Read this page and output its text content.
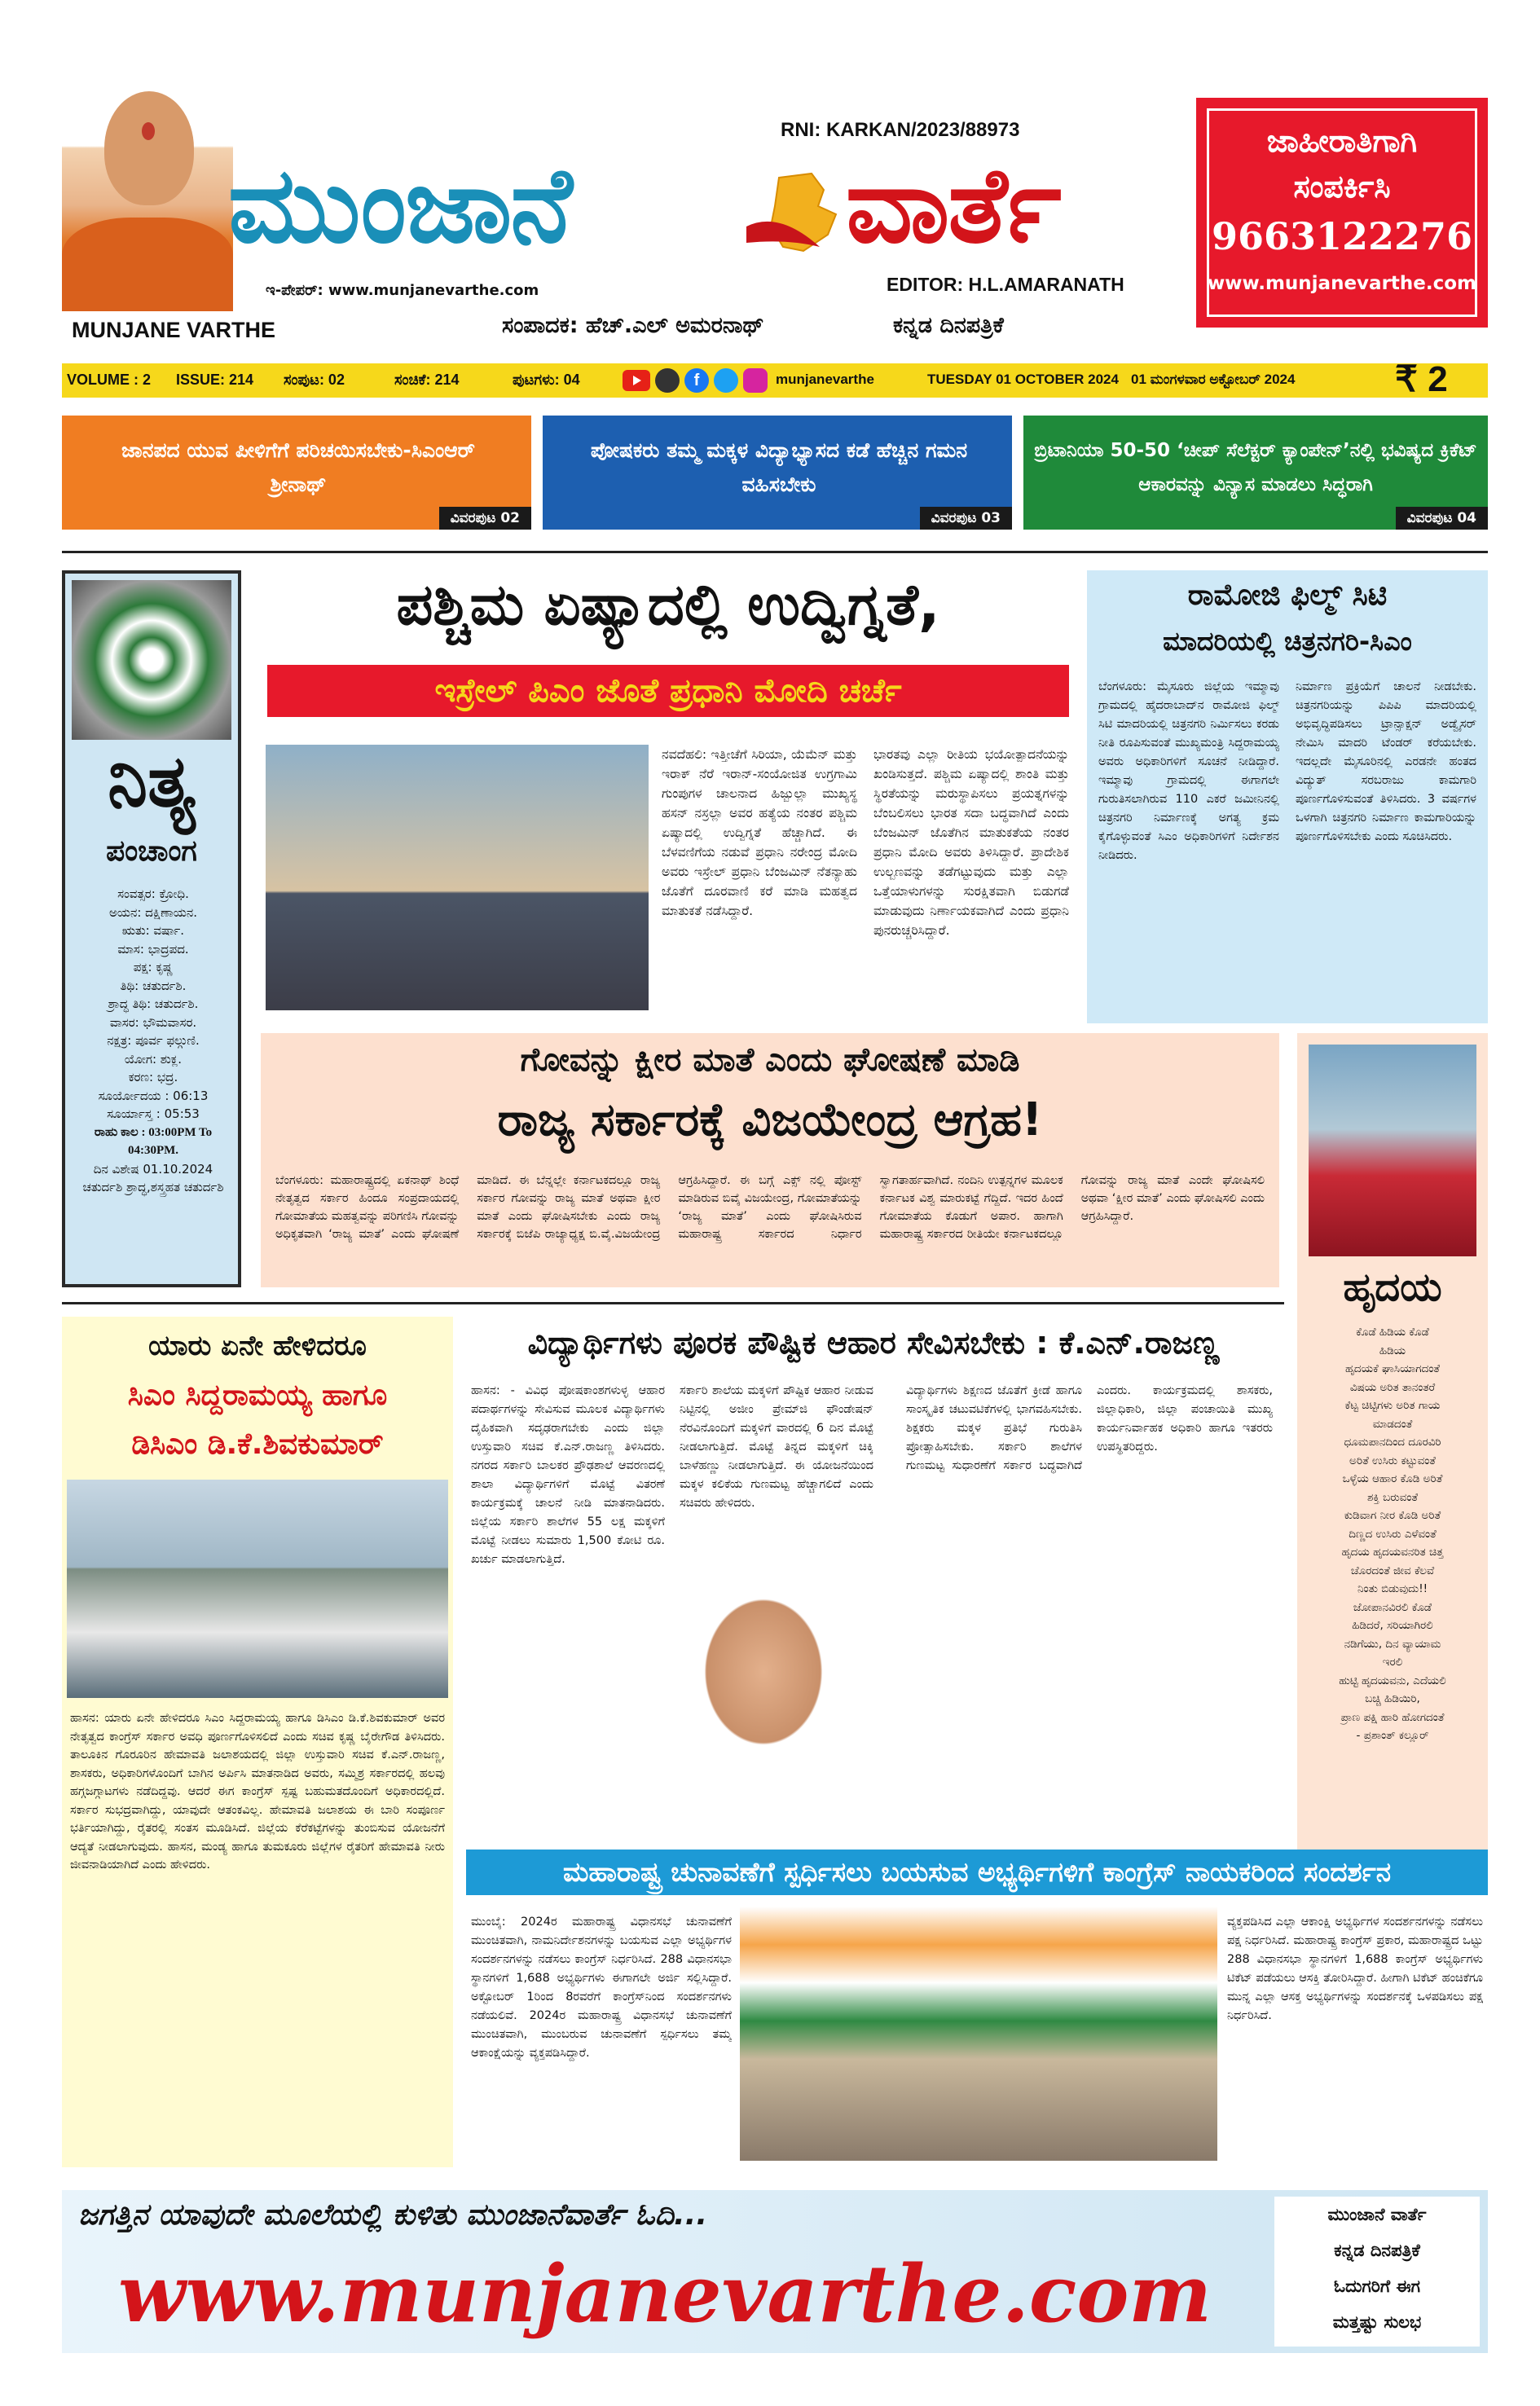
MUNJANE VARTHE
RNI: KARKAN/2023/88973
ಮುಂಜಾನೆ	ವಾರ್ತೆ
ಇ-ಪೇಪರ್: www.munjanevarthe.com	EDITOR: H.L.AMARANATH
ಸಂಪಾದಕ: ಹೆಚ್.ಎಲ್ ಅಮರನಾಥ್	ಕನ್ನಡ ದಿನಪತ್ರಿಕೆ
ಜಾಹೀರಾತಿಗಾಗಿ
ಸಂಪರ್ಕಿಸಿ
9663122276
www.munjanevarthe.com
VOLUME : 2 ISSUE: 214 ಸಂಪುಟ: 02	ಸಂಚಿಕೆ: 214	ಪುಟಗಳು: 04	f	munjanevarthe	TUESDAY 01 OCTOBER 2024 01 ಮಂಗಳವಾರ ಅಕ್ಟೋಬರ್ 2024	₹ 2
ಜಾನಪದ ಯುವ ಪೀಳಿಗೆಗೆ ಪರಿಚಯಿಸಬೇಕು-ಸಿಎಂಆರ್ ಶ್ರೀನಾಥ್
ವಿವರಪುಟ 02
ಪೋಷಕರು ತಮ್ಮ ಮಕ್ಕಳ ವಿದ್ಯಾಭ್ಯಾಸದ ಕಡೆ ಹೆಚ್ಚಿನ ಗಮನ ವಹಿಸಬೇಕು
ವಿವರಪುಟ 03
ಬ್ರಿಟಾನಿಯಾ 50-50 ‘ಚೀಪ್ ಸೆಲೆಕ್ಟರ್ ಕ್ಯಾಂಪೇನ್’ನಲ್ಲಿ ಭವಿಷ್ಯದ ಕ್ರಿಕೆಟ್ ಆಕಾರವನ್ನು ವಿನ್ಯಾಸ ಮಾಡಲು ಸಿದ್ಧರಾಗಿ
ವಿವರಪುಟ 04
ನಿತ್ಯ
ಪಂಚಾಂಗ
ಸಂವತ್ಸರ: ಕ್ರೋಧಿ.
ಅಯನ: ದಕ್ಷಿಣಾಯನ.
ಋತು: ವರ್ಷಾ.
ಮಾಸ: ಭಾದ್ರಪದ.
ಪಕ್ಷ: ಕೃಷ್ಣ
ತಿಥಿ: ಚತುರ್ದಶಿ.
ಶ್ರಾದ್ಧ ತಿಥಿ: ಚತುರ್ದಶಿ.
ವಾಸರ: ಭೌಮವಾಸರ.
ನಕ್ಷತ್ರ: ಪೂರ್ವ ಫಲ್ಗುಣಿ.
ಯೋಗ: ಶುಕ್ಲ.
ಕರಣ: ಭದ್ರ.
ಸೂರ್ಯೋದಯ : 06:13
ಸೂರ್ಯಾಸ್ತ : 05:53
ರಾಹು ಕಾಲ : 03:00PM To 04:30PM.
ದಿನ ವಿಶೇಷ 01.10.2024
ಚತುರ್ದಶಿ ಶ್ರಾದ್ಧ,ಶಸ್ತ್ರಹತ ಚತುರ್ದಶಿ
ಪಶ್ಚಿಮ ಏಷ್ಯಾದಲ್ಲಿ ಉದ್ವಿಗ್ನತೆ,
ಇಸ್ರೇಲ್ ಪಿಎಂ ಜೊತೆ ಪ್ರಧಾನಿ ಮೋದಿ ಚರ್ಚೆ
ನವದೆಹಲಿ: ಇತ್ತೀಚೆಗೆ ಸಿರಿಯಾ, ಯೆಮೆನ್ ಮತ್ತು ಇರಾಕ್ ನೆರೆ ಇರಾನ್-ಸಂಯೋಜಿತ ಉಗ್ರಗಾಮಿ ಗುಂಪುಗಳ ಚಾಲನಾದ ಹಿಜ್ಬುಲ್ಲಾ ಮುಖ್ಯಸ್ಥ ಹಸನ್ ನಸ್ರಲ್ಲಾ ಅವರ ಹತ್ಯೆಯ ನಂತರ ಪಶ್ಚಿಮ ಏಷ್ಯಾದಲ್ಲಿ ಉದ್ವಿಗ್ನತೆ ಹೆಚ್ಚಾಗಿದೆ. ಈ ಬೆಳವಣಿಗೆಯ ನಡುವೆ ಪ್ರಧಾನಿ ನರೇಂದ್ರ ಮೋದಿ ಅವರು ಇಸ್ರೇಲ್ ಪ್ರಧಾನಿ ಬೆಂಜಮಿನ್ ನೆತನ್ಯಾಹು ಜೊತೆಗೆ ದೂರವಾಣಿ ಕರೆ ಮಾಡಿ ಮಹತ್ವದ ಮಾತುಕತೆ ನಡೆಸಿದ್ದಾರೆ.
ಭಾರತವು ಎಲ್ಲಾ ರೀತಿಯ ಭಯೋತ್ಪಾದನೆಯನ್ನು ಖಂಡಿಸುತ್ತದೆ. ಪಶ್ಚಿಮ ಏಷ್ಯಾದಲ್ಲಿ ಶಾಂತಿ ಮತ್ತು ಸ್ಥಿರತೆಯನ್ನು ಮರುಸ್ಥಾಪಿಸಲು ಪ್ರಯತ್ನಗಳನ್ನು ಬೆಂಬಲಿಸಲು ಭಾರತ ಸದಾ ಬದ್ಧವಾಗಿದೆ ಎಂದು ಬೆಂಜಮಿನ್ ಜೊತೆಗಿನ ಮಾತುಕತೆಯ ನಂತರ ಪ್ರಧಾನಿ ಮೋದಿ ಅವರು ತಿಳಿಸಿದ್ದಾರೆ. ಪ್ರಾದೇಶಿಕ ಉಲ್ಬಣವನ್ನು ತಡೆಗಟ್ಟುವುದು ಮತ್ತು ಎಲ್ಲಾ ಒತ್ತೆಯಾಳುಗಳನ್ನು ಸುರಕ್ಷಿತವಾಗಿ ಬಿಡುಗಡೆ ಮಾಡುವುದು ನಿರ್ಣಾಯಕವಾಗಿದೆ ಎಂದು ಪ್ರಧಾನಿ ಪುನರುಚ್ಚರಿಸಿದ್ದಾರೆ.
ರಾಮೋಜಿ ಫಿಲ್ಮ್ ಸಿಟಿ
ಮಾದರಿಯಲ್ಲಿ ಚಿತ್ರನಗರಿ-ಸಿಎಂ
ಬೆಂಗಳೂರು: ಮೈಸೂರು ಜಿಲ್ಲೆಯ ಇಮ್ಮಾವು ಗ್ರಾಮದಲ್ಲಿ ಹೈದರಾಬಾದ್‌ನ ರಾಮೋಜಿ ಫಿಲ್ಮ್ ಸಿಟಿ ಮಾದರಿಯಲ್ಲಿ ಚಿತ್ರನಗರಿ ನಿರ್ಮಿಸಲು ಕರಡು ನೀತಿ ರೂಪಿಸುವಂತೆ ಮುಖ್ಯಮಂತ್ರಿ ಸಿದ್ದರಾಮಯ್ಯ ಅವರು ಅಧಿಕಾರಿಗಳಿಗೆ ಸೂಚನೆ ನೀಡಿದ್ದಾರೆ. ಇಮ್ಮಾವು ಗ್ರಾಮದಲ್ಲಿ ಈಗಾಗಲೇ ಗುರುತಿಸಲಾಗಿರುವ 110 ಎಕರೆ ಜಮೀನಿನಲ್ಲಿ ಚಿತ್ರನಗರಿ ನಿರ್ಮಾಣಕ್ಕೆ ಅಗತ್ಯ ಕ್ರಮ ಕೈಗೊಳ್ಳುವಂತೆ ಸಿಎಂ ಅಧಿಕಾರಿಗಳಿಗೆ ನಿರ್ದೇಶನ ನೀಡಿದರು.
ನಿರ್ಮಾಣ ಪ್ರಕ್ರಿಯೆಗೆ ಚಾಲನೆ ನೀಡಬೇಕು. ಚಿತ್ರನಗರಿಯನ್ನು ಪಿಪಿಪಿ ಮಾದರಿಯಲ್ಲಿ ಅಭಿವೃದ್ಧಿಪಡಿಸಲು ಟ್ರಾನ್ಸಾಕ್ಷನ್ ಅಡ್ವೈಸರ್ ನೇಮಿಸಿ ಮಾದರಿ ಟೆಂಡರ್ ಕರೆಯಬೇಕು. ಇದಲ್ಲದೇ ಮೈಸೂರಿನಲ್ಲಿ ಎರಡನೇ ಹಂತದ ವಿದ್ಯುತ್ ಸರಬರಾಜು ಕಾಮಗಾರಿ ಪೂರ್ಣಗೊಳಿಸುವಂತೆ ತಿಳಿಸಿದರು. 3 ವರ್ಷಗಳ ಒಳಗಾಗಿ ಚಿತ್ರನಗರಿ ನಿರ್ಮಾಣ ಕಾಮಗಾರಿಯನ್ನು ಪೂರ್ಣಗೊಳಿಸಬೇಕು ಎಂದು ಸೂಚಿಸಿದರು.
ಗೋವನ್ನು ಕ್ಷೀರ ಮಾತೆ ಎಂದು ಘೋಷಣೆ ಮಾಡಿ
ರಾಜ್ಯ ಸರ್ಕಾರಕ್ಕೆ ವಿಜಯೇಂದ್ರ ಆಗ್ರಹ!
ಬೆಂಗಳೂರು: ಮಹಾರಾಷ್ಟ್ರದಲ್ಲಿ ಏಕನಾಥ್ ಶಿಂಧೆ ನೇತೃತ್ವದ ಸರ್ಕಾರ ಹಿಂದೂ ಸಂಪ್ರದಾಯದಲ್ಲಿ ಗೋಮಾತೆಯ ಮಹತ್ವವನ್ನು ಪರಿಗಣಿಸಿ ಗೋವನ್ನು ಅಧಿಕೃತವಾಗಿ ‘ರಾಜ್ಯ ಮಾತೆ’ ಎಂದು ಘೋಷಣೆ ಮಾಡಿದೆ. ಈ ಬೆನ್ನಲ್ಲೇ ಕರ್ನಾಟಕದಲ್ಲೂ ರಾಜ್ಯ ಸರ್ಕಾರ ಗೋವನ್ನು ರಾಜ್ಯ ಮಾತೆ ಅಥವಾ ಕ್ಷೀರ ಮಾತೆ ಎಂದು ಘೋಷಿಸಬೇಕು ಎಂದು ರಾಜ್ಯ ಸರ್ಕಾರಕ್ಕೆ ಬಿಜೆಪಿ ರಾಜ್ಯಾಧ್ಯಕ್ಷ ಬಿ.ವೈ.ವಿಜಯೇಂದ್ರ ಆಗ್ರಹಿಸಿದ್ದಾರೆ. ಈ ಬಗ್ಗೆ ಎಕ್ಸ್ ನಲ್ಲಿ ಪೋಸ್ಟ್ ಮಾಡಿರುವ ಬಿವೈ ವಿಜಯೇಂದ್ರ, ಗೋಮಾತೆಯನ್ನು ‘ರಾಜ್ಯ ಮಾತೆ’ ಎಂದು ಘೋಷಿಸಿರುವ ಮಹಾರಾಷ್ಟ್ರ ಸರ್ಕಾರದ ನಿರ್ಧಾರ ಸ್ವಾಗತಾರ್ಹವಾಗಿದೆ. ನಂದಿನಿ ಉತ್ಪನ್ನಗಳ ಮೂಲಕ ಕರ್ನಾಟಕ ವಿಶ್ವ ಮಾರುಕಟ್ಟೆ ಗೆದ್ದಿದೆ. ಇದರ ಹಿಂದೆ ಗೋಮಾತೆಯ ಕೊಡುಗೆ ಅಪಾರ. ಹಾಗಾಗಿ ಮಹಾರಾಷ್ಟ್ರ ಸರ್ಕಾರದ ರೀತಿಯೇ ಕರ್ನಾಟಕದಲ್ಲೂ ಗೋವನ್ನು ರಾಜ್ಯ ಮಾತೆ ಎಂದೇ ಘೋಷಿಸಲಿ ಅಥವಾ ‘ಕ್ಷೀರ ಮಾತೆ’ ಎಂದು ಘೋಷಿಸಲಿ ಎಂದು ಆಗ್ರಹಿಸಿದ್ದಾರೆ.
ಹೃದಯ
ಕೊಡೆ ಹಿಡಿಯ ಕೊಡೆ
ಹಿಡಿಯ
ಹೃದಯಕೆ ಘಾಸಿಯಾಗದಂತೆ
ವಿಷಯ ಅರಿತ ತಾನಂತರೆ
ಕೆಟ್ಟ ಚಿಟ್ಟಿಗಳು ಅರಿತ ಗಾಯ
ಮಾಡದಂತೆ
ಧೂಮಪಾನದಿಂದ ದೂರವಿರಿ
ಅರಿತೆ ಉಸಿರು ಕಟ್ಟುವಂತೆ
ಒಳ್ಳೆಯ ಆಹಾರ ಕೊಡಿ ಅರಿತೆ
ಶಕ್ತಿ ಬರುವಂತೆ
ಕುಡಿವಾಗ ನೀರ ಕೊಡಿ ಅರಿತೆ
ದಿಣ್ಣದ ಉಸಿರು ಎಳೆವಂತೆ
ಹೃದಯ ಹೃದಯವನರಿತ ಚಿತ್ತ
ಚೊರದಂತೆ ಜೀವ ಕೆಲವೆ
ನಿಂತು ಬಿಡುವುದು!!
ಜೋಪಾನವಿರಲಿ ಕೊಡೆ
ಹಿಡಿದರೆ, ಸರಿಯಾಗಿರಲಿ
ನಡಿಗೆಯು, ದಿನ ವ್ಯಾಯಾಮ
ಇರಲಿ
ಹುಟ್ಟಿ ಹೃದಯವನು, ಎದೆಯಲಿ
ಬಚ್ಚಿ ಹಿಡಿಯಿರಿ,
ಪ್ರಾಣ ಪಕ್ಷಿ ಹಾರಿ ಹೋಗದಂತೆ
- ಪ್ರಶಾಂತ್ ಕಲ್ಲೂರ್
ಯಾರು ಏನೇ ಹೇಳಿದರೂ
ಸಿಎಂ ಸಿದ್ದರಾಮಯ್ಯ ಹಾಗೂ
ಡಿಸಿಎಂ ಡಿ.ಕೆ.ಶಿವಕುಮಾರ್
ಹಾಸನ: ಯಾರು ಏನೇ ಹೇಳಿದರೂ ಸಿಎಂ ಸಿದ್ದರಾಮಯ್ಯ ಹಾಗೂ ಡಿಸಿಎಂ ಡಿ.ಕೆ.ಶಿವಕುಮಾರ್ ಅವರ ನೇತೃತ್ವದ ಕಾಂಗ್ರೆಸ್ ಸರ್ಕಾರ ಅವಧಿ ಪೂರ್ಣಗೊಳಿಸಲಿದೆ ಎಂದು ಸಚಿವ ಕೃಷ್ಣ ಬೈರೇಗೌಡ ತಿಳಿಸಿದರು. ತಾಲೂಕಿನ ಗೊರೂರಿನ ಹೇಮಾವತಿ ಜಲಾಶಯದಲ್ಲಿ ಜಿಲ್ಲಾ ಉಸ್ತುವಾರಿ ಸಚಿವ ಕೆ.ಎನ್.ರಾಜಣ್ಣ, ಶಾಸಕರು, ಅಧಿಕಾರಿಗಳೊಂದಿಗೆ ಬಾಗಿನ ಅರ್ಪಿಸಿ ಮಾತನಾಡಿದ ಅವರು, ಸಮ್ಮಿಶ್ರ ಸರ್ಕಾರದಲ್ಲಿ ಹಲವು ಹಗ್ಗಜಗ್ಗಾಟಗಳು ನಡೆದಿದ್ದವು. ಆದರೆ ಈಗ ಕಾಂಗ್ರೆಸ್ ಸ್ಪಷ್ಟ ಬಹುಮತದೊಂದಿಗೆ ಅಧಿಕಾರದಲ್ಲಿದೆ. ಸರ್ಕಾರ ಸುಭದ್ರವಾಗಿದ್ದು, ಯಾವುದೇ ಆತಂಕವಿಲ್ಲ. ಹೇಮಾವತಿ ಜಲಾಶಯ ಈ ಬಾರಿ ಸಂಪೂರ್ಣ ಭರ್ತಿಯಾಗಿದ್ದು, ರೈತರಲ್ಲಿ ಸಂತಸ ಮೂಡಿಸಿದೆ. ಜಿಲ್ಲೆಯ ಕೆರೆಕಟ್ಟೆಗಳನ್ನು ತುಂಬಿಸುವ ಯೋಜನೆಗೆ ಆದ್ಯತೆ ನೀಡಲಾಗುವುದು. ಹಾಸನ, ಮಂಡ್ಯ ಹಾಗೂ ತುಮಕೂರು ಜಿಲ್ಲೆಗಳ ರೈತರಿಗೆ ಹೇಮಾವತಿ ನೀರು ಜೀವನಾಡಿಯಾಗಿದೆ ಎಂದು ಹೇಳಿದರು.
ವಿದ್ಯಾರ್ಥಿಗಳು ಪೂರಕ ಪೌಷ್ಟಿಕ ಆಹಾರ ಸೇವಿಸಬೇಕು : ಕೆ.ಎನ್.ರಾಜಣ್ಣ
ಹಾಸನ: - ವಿವಿಧ ಪೋಷಕಾಂಶಗಳುಳ್ಳ ಆಹಾರ ಪದಾರ್ಥಗಳನ್ನು ಸೇವಿಸುವ ಮೂಲಕ ವಿದ್ಯಾರ್ಥಿಗಳು ದೈಹಿಕವಾಗಿ ಸದೃಢರಾಗಬೇಕು ಎಂದು ಜಿಲ್ಲಾ ಉಸ್ತುವಾರಿ ಸಚಿವ ಕೆ.ಎನ್.ರಾಜಣ್ಣ ತಿಳಿಸಿದರು. ನಗರದ ಸರ್ಕಾರಿ ಬಾಲಕರ ಪ್ರೌಢಶಾಲೆ ಆವರಣದಲ್ಲಿ ಶಾಲಾ ವಿದ್ಯಾರ್ಥಿಗಳಿಗೆ ಮೊಟ್ಟೆ ವಿತರಣೆ ಕಾರ್ಯಕ್ರಮಕ್ಕೆ ಚಾಲನೆ ನೀಡಿ ಮಾತನಾಡಿದರು. ಜಿಲ್ಲೆಯ ಸರ್ಕಾರಿ ಶಾಲೆಗಳ 55 ಲಕ್ಷ ಮಕ್ಕಳಿಗೆ ಮೊಟ್ಟೆ ನೀಡಲು ಸುಮಾರು 1,500 ಕೋಟಿ ರೂ. ಖರ್ಚು ಮಾಡಲಾಗುತ್ತಿದೆ.
ಸರ್ಕಾರಿ ಶಾಲೆಯ ಮಕ್ಕಳಿಗೆ ಪೌಷ್ಟಿಕ ಆಹಾರ ನೀಡುವ ನಿಟ್ಟಿನಲ್ಲಿ ಅಜೀಂ ಪ್ರೇಮ್‌ಜಿ ಫೌಂಡೇಷನ್ ನೆರವಿನೊಂದಿಗೆ ಮಕ್ಕಳಿಗೆ ವಾರದಲ್ಲಿ 6 ದಿನ ಮೊಟ್ಟೆ ನೀಡಲಾಗುತ್ತಿದೆ. ಮೊಟ್ಟೆ ತಿನ್ನದ ಮಕ್ಕಳಿಗೆ ಚಿಕ್ಕಿ ಬಾಳೆಹಣ್ಣು ನೀಡಲಾಗುತ್ತಿದೆ. ಈ ಯೋಜನೆಯಿಂದ ಮಕ್ಕಳ ಕಲಿಕೆಯ ಗುಣಮಟ್ಟ ಹೆಚ್ಚಾಗಲಿದೆ ಎಂದು ಸಚಿವರು ಹೇಳಿದರು.
ವಿದ್ಯಾರ್ಥಿಗಳು ಶಿಕ್ಷಣದ ಜೊತೆಗೆ ಕ್ರೀಡೆ ಹಾಗೂ ಸಾಂಸ್ಕೃತಿಕ ಚಟುವಟಿಕೆಗಳಲ್ಲಿ ಭಾಗವಹಿಸಬೇಕು. ಶಿಕ್ಷಕರು ಮಕ್ಕಳ ಪ್ರತಿಭೆ ಗುರುತಿಸಿ ಪ್ರೋತ್ಸಾಹಿಸಬೇಕು. ಸರ್ಕಾರಿ ಶಾಲೆಗಳ ಗುಣಮಟ್ಟ ಸುಧಾರಣೆಗೆ ಸರ್ಕಾರ ಬದ್ಧವಾಗಿದೆ ಎಂದರು. ಕಾರ್ಯಕ್ರಮದಲ್ಲಿ ಶಾಸಕರು, ಜಿಲ್ಲಾಧಿಕಾರಿ, ಜಿಲ್ಲಾ ಪಂಚಾಯಿತಿ ಮುಖ್ಯ ಕಾರ್ಯನಿರ್ವಾಹಕ ಅಧಿಕಾರಿ ಹಾಗೂ ಇತರರು ಉಪಸ್ಥಿತರಿದ್ದರು.
ಮಹಾರಾಷ್ಟ್ರ ಚುನಾವಣೆಗೆ ಸ್ಪರ್ಧಿಸಲು ಬಯಸುವ ಅಭ್ಯರ್ಥಿಗಳಿಗೆ ಕಾಂಗ್ರೆಸ್ ನಾಯಕರಿಂದ ಸಂದರ್ಶನ
ಮುಂಬೈ: 2024ರ ಮಹಾರಾಷ್ಟ್ರ ವಿಧಾನಸಭೆ ಚುನಾವಣೆಗೆ ಮುಂಚಿತವಾಗಿ, ನಾಮನಿರ್ದೇಶನಗಳನ್ನು ಬಯಸುವ ಎಲ್ಲಾ ಅಭ್ಯರ್ಥಿಗಳ ಸಂದರ್ಶನಗಳನ್ನು ನಡೆಸಲು ಕಾಂಗ್ರೆಸ್ ನಿರ್ಧರಿಸಿದೆ. 288 ವಿಧಾನಸಭಾ ಸ್ಥಾನಗಳಿಗೆ 1,688 ಅಭ್ಯರ್ಥಿಗಳು ಈಗಾಗಲೇ ಅರ್ಜಿ ಸಲ್ಲಿಸಿದ್ದಾರೆ. ಅಕ್ಟೋಬರ್ 1ರಿಂದ 8ರವರೆಗೆ ಕಾಂಗ್ರೆಸ್‌ನಿಂದ ಸಂದರ್ಶನಗಳು ನಡೆಯಲಿವೆ. 2024ರ ಮಹಾರಾಷ್ಟ್ರ ವಿಧಾನಸಭೆ ಚುನಾವಣೆಗೆ ಮುಂಚಿತವಾಗಿ, ಮುಂಬರುವ ಚುನಾವಣೆಗೆ ಸ್ಪರ್ಧಿಸಲು ತಮ್ಮ ಆಕಾಂಕ್ಷೆಯನ್ನು ವ್ಯಕ್ತಪಡಿಸಿದ್ದಾರೆ.
ವ್ಯಕ್ತಪಡಿಸಿದ ಎಲ್ಲಾ ಆಕಾಂಕ್ಷಿ ಅಭ್ಯರ್ಥಿಗಳ ಸಂದರ್ಶನಗಳನ್ನು ನಡೆಸಲು ಪಕ್ಷ ನಿರ್ಧರಿಸಿದೆ. ಮಹಾರಾಷ್ಟ್ರ ಕಾಂಗ್ರೆಸ್ ಪ್ರಕಾರ, ಮಹಾರಾಷ್ಟ್ರದ ಒಟ್ಟು 288 ವಿಧಾನಸಭಾ ಸ್ಥಾನಗಳಿಗೆ 1,688 ಕಾಂಗ್ರೆಸ್ ಅಭ್ಯರ್ಥಿಗಳು ಟಿಕೆಟ್ ಪಡೆಯಲು ಆಸಕ್ತಿ ತೋರಿಸಿದ್ದಾರೆ. ಹೀಗಾಗಿ ಟಿಕೆಟ್ ಹಂಚಿಕೆಗೂ ಮುನ್ನ ಎಲ್ಲಾ ಆಸಕ್ತ ಅಭ್ಯರ್ಥಿಗಳನ್ನು ಸಂದರ್ಶನಕ್ಕೆ ಒಳಪಡಿಸಲು ಪಕ್ಷ ನಿರ್ಧರಿಸಿದೆ.
ಜಗತ್ತಿನ ಯಾವುದೇ ಮೂಲೆಯಲ್ಲಿ ಕುಳಿತು ಮುಂಜಾನೆವಾರ್ತೆ ಓದಿ...
www.munjanevarthe.com
ಮುಂಜಾನೆ ವಾರ್ತೆ
ಕನ್ನಡ ದಿನಪತ್ರಿಕೆ
ಓದುಗರಿಗೆ ಈಗ
ಮತ್ತಷ್ಟು ಸುಲಭ
